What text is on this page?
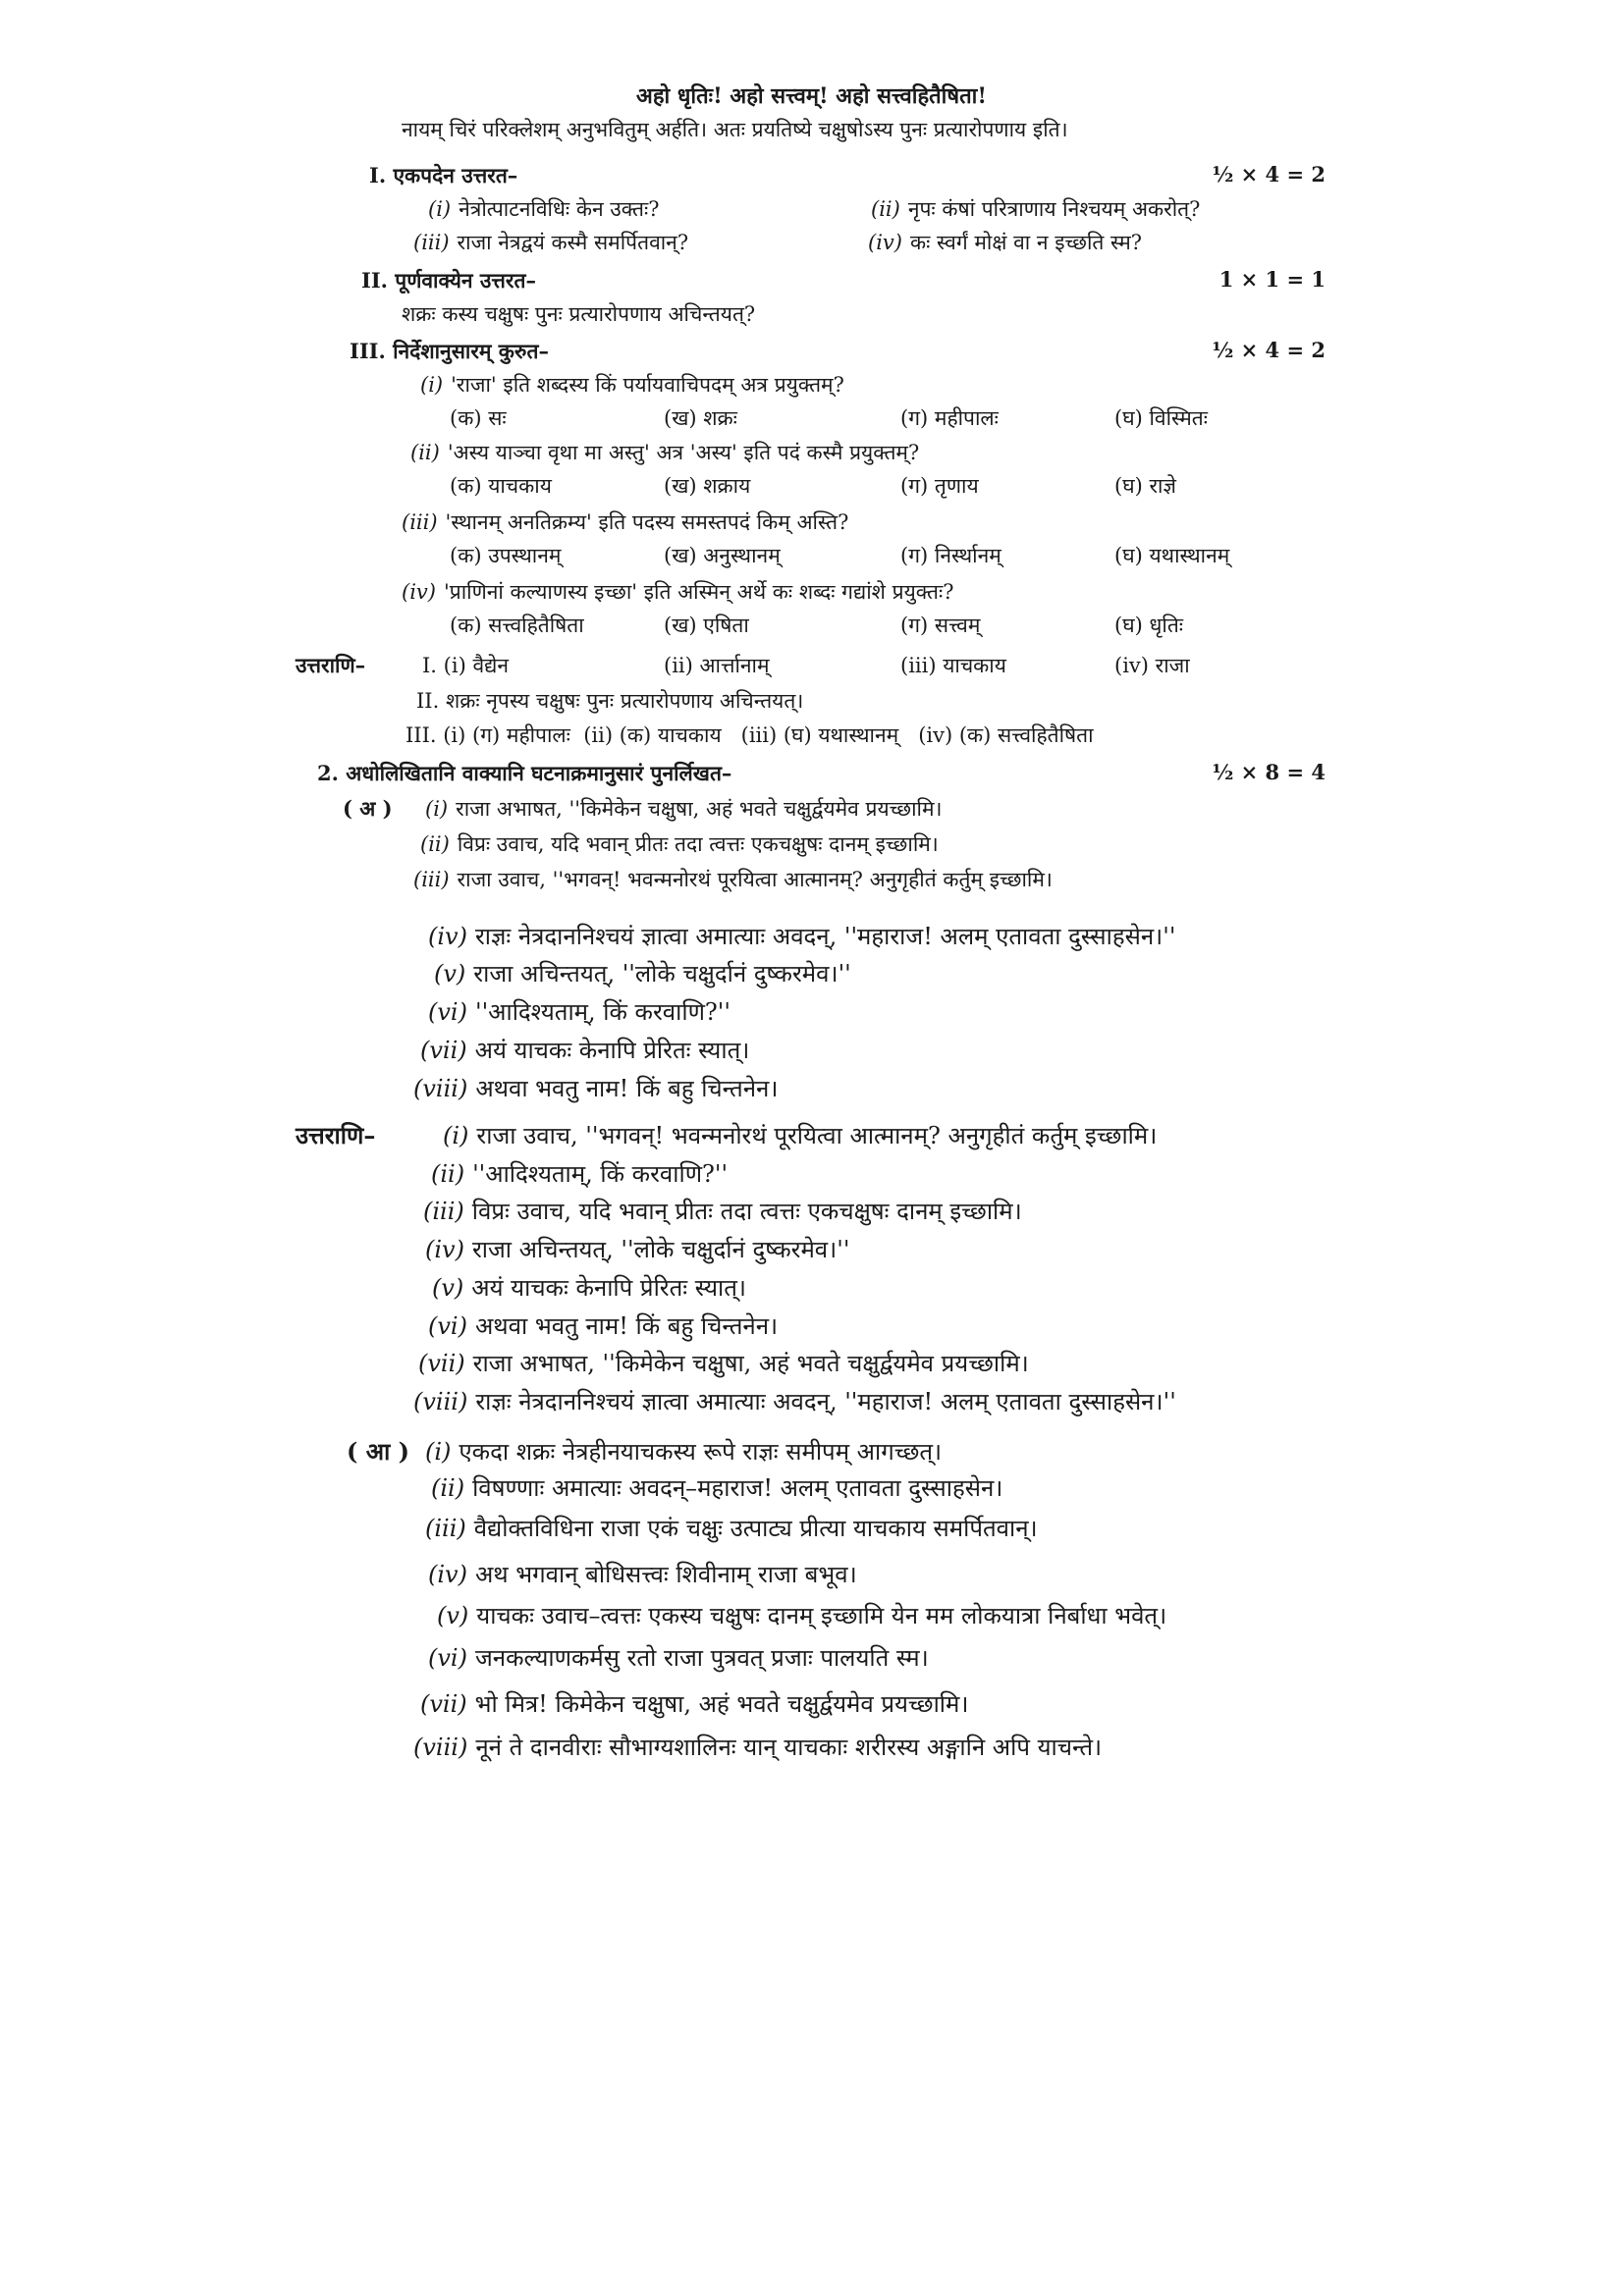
अहो धृतिः! अहो सत्त्वम्! अहो सत्त्वहितैषिता!
नायम् चिरं परिक्लेशम् अनुभवितुम् अर्हति। अतः प्रयतिष्ये चक्षुषोऽस्य पुनः प्रत्यारोपणाय इति।
I. एकपदेन उत्तरत–	½ × 4 = 2
(i) नेत्रोत्पाटनविधिः केन उक्तः?	(ii) नृपः कंषां परित्राणाय निश्चयम् अकरोत्?
(iii) राजा नेत्रद्वयं कस्मै समर्पितवान्?	(iv) कः स्वर्गं मोक्षं वा न इच्छति स्म?
II. पूर्णवाक्येन उत्तरत–	1 × 1 = 1
शक्रः कस्य चक्षुषः पुनः प्रत्यारोपणाय अचिन्तयत्?
III. निर्देशानुसारम् कुरुत–	½ × 4 = 2
(i) 'राजा' इति शब्दस्य किं पर्यायवाचिपदम् अत्र प्रयुक्तम्?
(क) सः	(ख) शक्रः	(ग) महीपालः	(घ) विस्मितः
(ii) 'अस्य याञ्चा वृथा मा अस्तु' अत्र 'अस्य' इति पदं कस्मै प्रयुक्तम्?
(क) याचकाय	(ख) शक्राय	(ग) तृणाय	(घ) राज्ञे
(iii) 'स्थानम् अनतिक्रम्य' इति पदस्य समस्तपदं किम् अस्ति?
(क) उपस्थानम्	(ख) अनुस्थानम्	(ग) निर्स्थानम्	(घ) यथास्थानम्
(iv) 'प्राणिनां कल्याणस्य इच्छा' इति अस्मिन् अर्थे कः शब्दः गद्यांशे प्रयुक्तः?
(क) सत्त्वहितैषिता	(ख) एषिता	(ग) सत्त्वम्	(घ) धृतिः
उत्तराणि–	I. (i) वैद्येन	(ii) आर्त्तानाम्	(iii) याचकाय	(iv) राजा
II. शक्रः नृपस्य चक्षुषः पुनः प्रत्यारोपणाय अचिन्तयत्।
III. (i) (ग) महीपालः  (ii) (क) याचकाय   (iii) (घ) यथास्थानम्   (iv) (क) सत्त्वहितैषिता
2. अधोलिखितानि वाक्यानि घटनाक्रमानुसारं पुनर्लिखत–	½ × 8 = 4
( अ ) (i) राजा अभाषत, ''किमेकेन चक्षुषा, अहं भवते चक्षुर्द्वयमेव प्रयच्छामि।
(ii) विप्रः उवाच, यदि भवान् प्रीतः तदा त्वत्तः एकचक्षुषः दानम् इच्छामि।
(iii) राजा उवाच, ''भगवन्! भवन्मनोरथं पूरयित्वा आत्मानम्? अनुगृहीतं कर्तुम् इच्छामि।
(iv) राज्ञः नेत्रदाननिश्चयं ज्ञात्वा अमात्याः अवदन्, ''महाराज! अलम् एतावता दुस्साहसेन।''
(v) राजा अचिन्तयत्, ''लोके चक्षुर्दानं दुष्करमेव।''
(vi) ''आदिश्यताम्, किं करवाणि?''
(vii) अयं याचकः केनापि प्रेरितः स्यात्।
(viii) अथवा भवतु नाम! किं बहु चिन्तनेन।
उत्तराणि–	(i) राजा उवाच, ''भगवन्! भवन्मनोरथं पूरयित्वा आत्मानम्? अनुगृहीतं कर्तुम् इच्छामि।
(ii) ''आदिश्यताम्, किं करवाणि?''
(iii) विप्रः उवाच, यदि भवान् प्रीतः तदा त्वत्तः एकचक्षुषः दानम् इच्छामि।
(iv) राजा अचिन्तयत्, ''लोके चक्षुर्दानं दुष्करमेव।''
(v) अयं याचकः केनापि प्रेरितः स्यात्।
(vi) अथवा भवतु नाम! किं बहु चिन्तनेन।
(vii) राजा अभाषत, ''किमेकेन चक्षुषा, अहं भवते चक्षुर्द्वयमेव प्रयच्छामि।
(viii) राज्ञः नेत्रदाननिश्चयं ज्ञात्वा अमात्याः अवदन्, ''महाराज! अलम् एतावता दुस्साहसेन।''
( आ ) (i) एकदा शक्रः नेत्रहीनयाचकस्य रूपे राज्ञः समीपम् आगच्छत्।
(ii) विषण्णाः अमात्याः अवदन्–महाराज! अलम् एतावता दुस्साहसेन।
(iii) वैद्योक्तविधिना राजा एकं चक्षुः उत्पाट्य प्रीत्या याचकाय समर्पितवान्।
(iv) अथ भगवान् बोधिसत्त्वः शिवीनाम् राजा बभूव।
(v) याचकः उवाच–त्वत्तः एकस्य चक्षुषः दानम् इच्छामि येन मम लोकयात्रा निर्बाधा भवेत्।
(vi) जनकल्याणकर्मसु रतो राजा पुत्रवत् प्रजाः पालयति स्म।
(vii) भो मित्र! किमेकेन चक्षुषा, अहं भवते चक्षुर्द्वयमेव प्रयच्छामि।
(viii) नूनं ते दानवीराः सौभाग्यशालिनः यान् याचकाः शरीरस्य अङ्गानि अपि याचन्ते।
